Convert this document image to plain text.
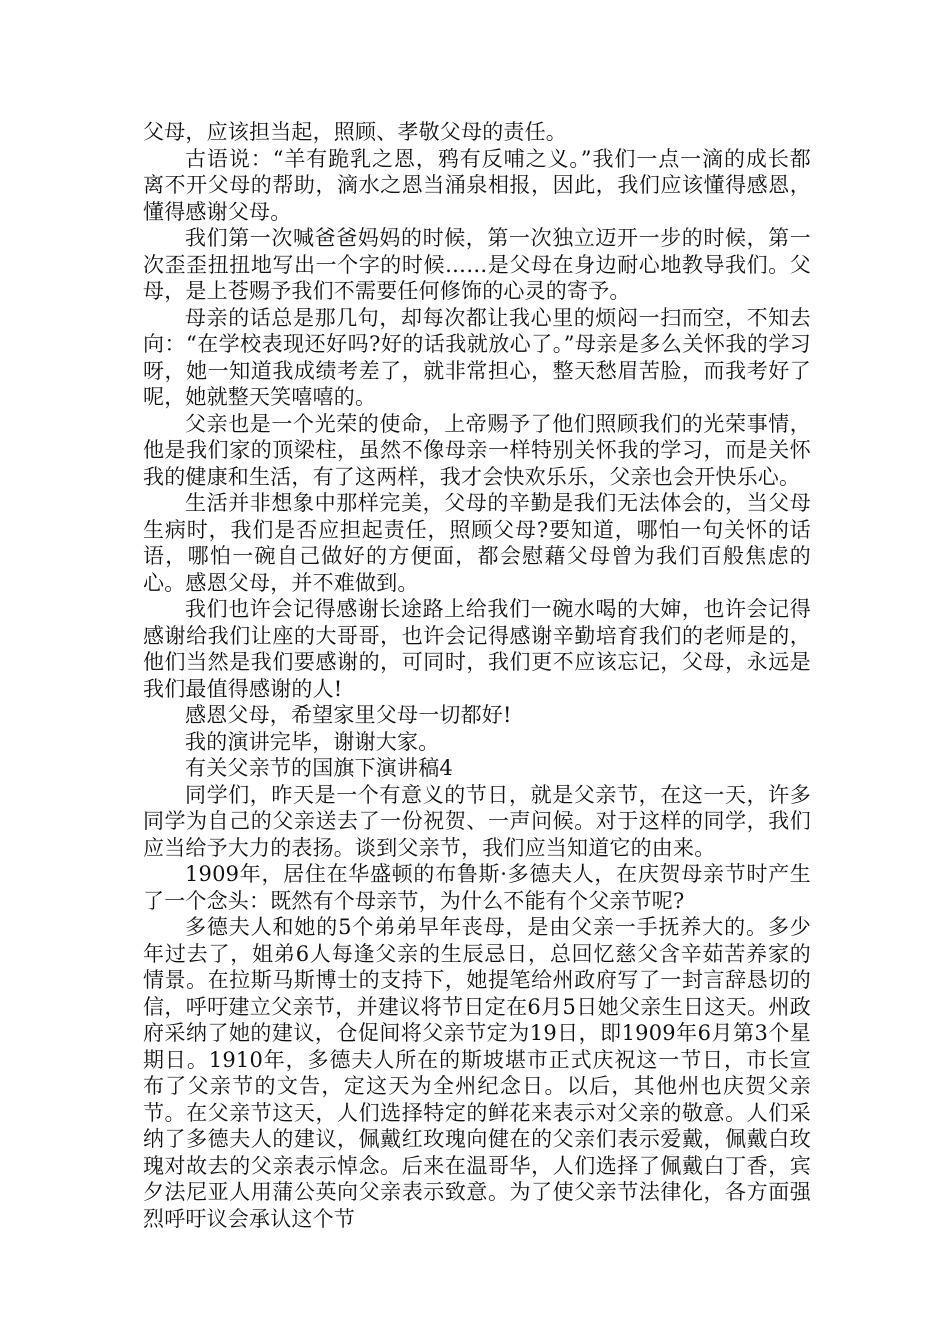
父母，应该担当起，照顾、孝敬父母的责任。

古语说：“羊有跪乳之恩，鸦有反哺之义。”我们一点一滴的成长都离不开父母的帮助，滴水之恩当涌泉相报，因此，我们应该懂得感恩，懂得感谢父母。

我们第一次喊爸爸妈妈的时候，第一次独立迈开一步的时候，第一次歪歪扭扭地写出一个字的时候……是父母在身边耐心地教导我们。父母，是上苍赐予我们不需要任何修饰的心灵的寄予。

母亲的话总是那几句，却每次都让我心里的烦闷一扫而空，不知去向：“在学校表现还好吗?好的话我就放心了。”母亲是多么关怀我的学习呀，她一知道我成绩考差了，就非常担心，整天愁眉苦脸，而我考好了呢，她就整天笑嘻嘻的。

父亲也是一个光荣的使命，上帝赐予了他们照顾我们的光荣事情，他是我们家的顶梁柱，虽然不像母亲一样特别关怀我的学习，而是关怀我的健康和生活，有了这两样，我才会快欢乐乐，父亲也会开快乐心。

生活并非想象中那样完美，父母的辛勤是我们无法体会的，当父母生病时，我们是否应担起责任，照顾父母?要知道，哪怕一句关怀的话语，哪怕一碗自己做好的方便面，都会慰藉父母曾为我们百般焦虑的心。感恩父母，并不难做到。

我们也许会记得感谢长途路上给我们一碗水喝的大婶，也许会记得感谢给我们让座的大哥哥，也许会记得感谢辛勤培育我们的老师是的，他们当然是我们要感谢的，可同时，我们更不应该忘记，父母，永远是我们最值得感谢的人!

感恩父母，希望家里父母一切都好!

我的演讲完毕，谢谢大家。

有关父亲节的国旗下演讲稿4

同学们，昨天是一个有意义的节日，就是父亲节，在这一天，许多同学为自己的父亲送去了一份祝贺、一声问候。对于这样的同学，我们应当给予大力的表扬。谈到父亲节，我们应当知道它的由来。

1909年，居住在华盛顿的布鲁斯·多德夫人，在庆贺母亲节时产生了一个念头：既然有个母亲节，为什么不能有个父亲节呢?

多德夫人和她的5个弟弟早年丧母，是由父亲一手抚养大的。多少年过去了，姐弟6人每逢父亲的生辰忌日，总回忆慈父含辛茹苦养家的情景。在拉斯马斯博士的支持下，她提笔给州政府写了一封言辞恳切的信，呼吁建立父亲节，并建议将节日定在6月5日她父亲生日这天。州政府采纳了她的建议，仓促间将父亲节定为19日，即1909年6月第3个星期日。1910年，多德夫人所在的斯坡堪市正式庆祝这一节日，市长宣布了父亲节的文告，定这天为全州纪念日。以后，其他州也庆贺父亲节。在父亲节这天，人们选择特定的鲜花来表示对父亲的敬意。人们采纳了多德夫人的建议，佩戴红玫瑰向健在的父亲们表示爱戴，佩戴白玫瑰对故去的父亲表示悼念。后来在温哥华，人们选择了佩戴白丁香，宾夕法尼亚人用蒲公英向父亲表示致意。为了使父亲节法律化，各方面强烈呼吁议会承认这个节
